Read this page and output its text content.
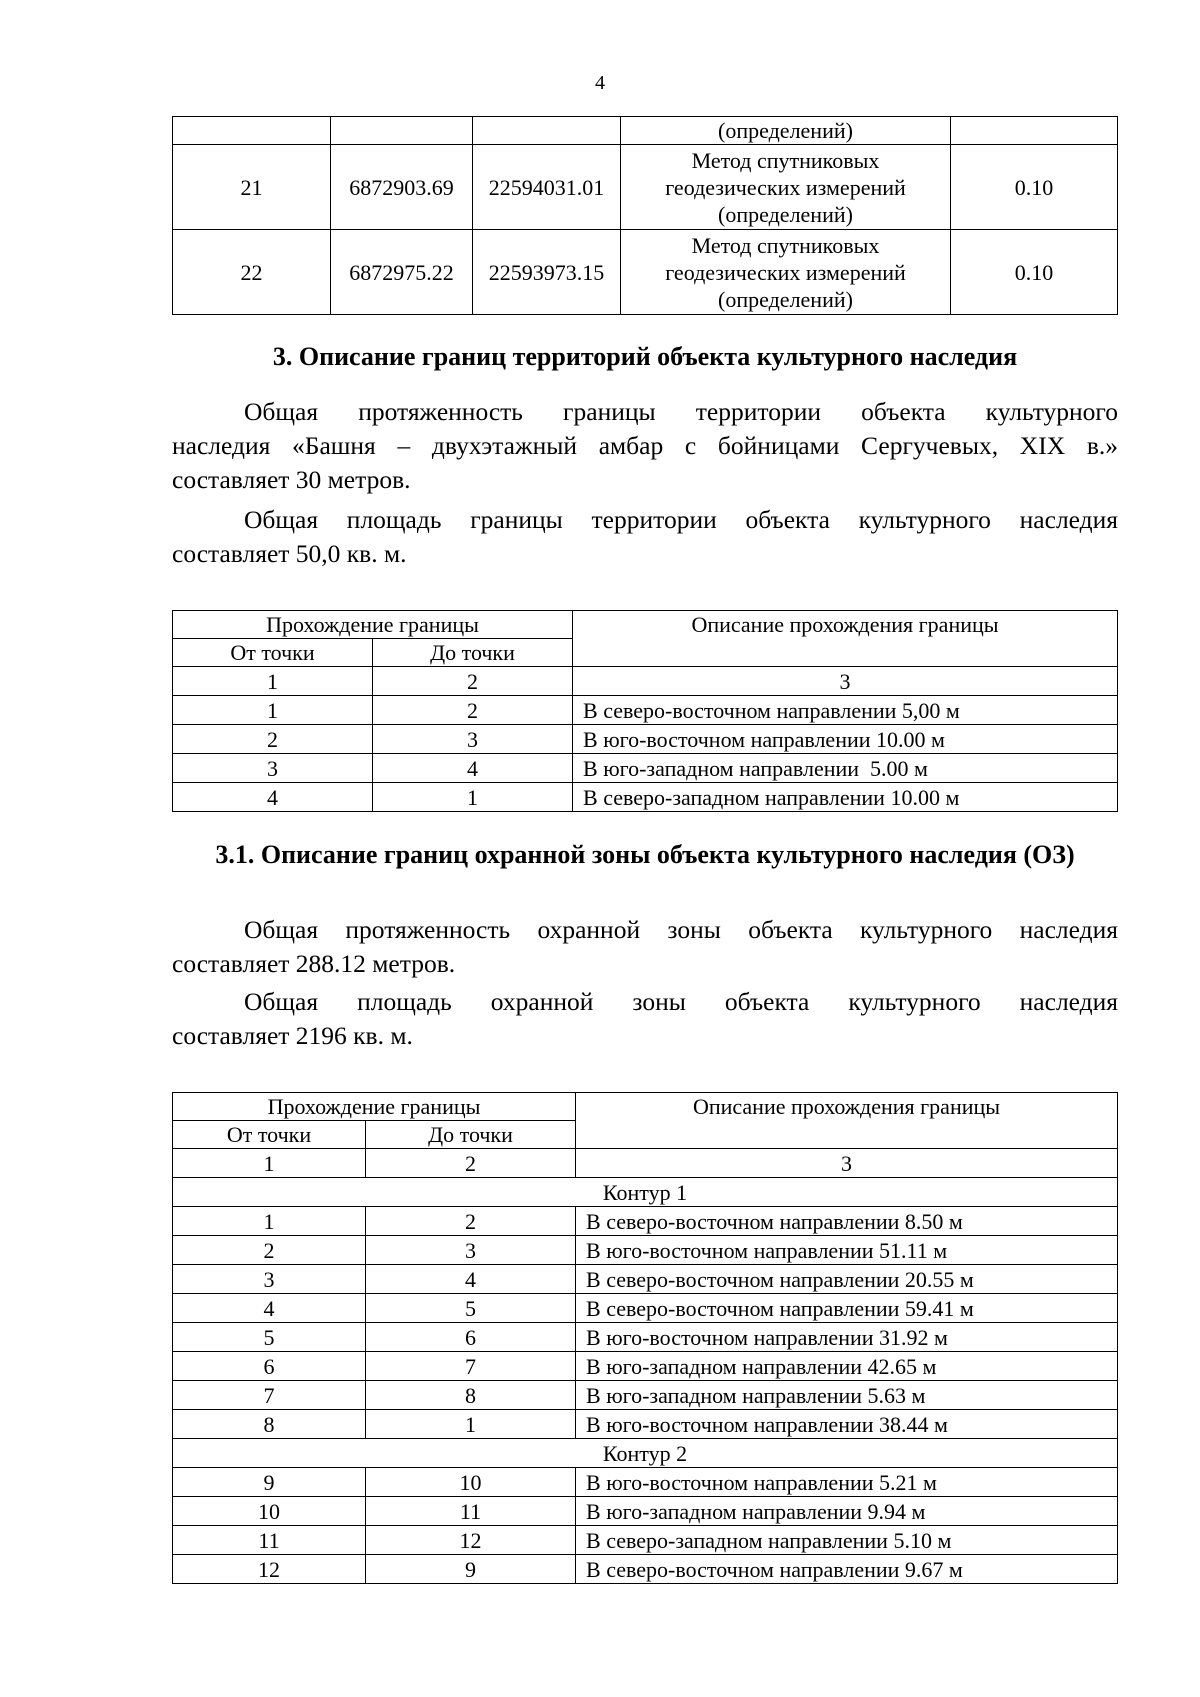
4
			(определений)	
21	6872903.69	22594031.01	Метод спутниковых
геодезических измерений
(определений)	0.10
22	6872975.22	22593973.15	Метод спутниковых
геодезических измерений
(определений)	0.10
3. Описание границ территорий объекта культурного наследия
Общая протяженность границы территории объекта культурного
наследия «Башня – двухэтажный амбар с бойницами Сергучевых, XIX в.»
составляет 30 метров.
Общая площадь границы территории объекта культурного наследия
составляет 50,0 кв. м.
Прохождение границы		Описание прохождения границы
От точки	До точки	
1	2	3
1	2	В северо-восточном направлении 5,00 м
2	3	В юго-восточном направлении 10.00 м
3	4	В юго-западном направлении  5.00 м
4	1	В северо-западном направлении 10.00 м
3.1. Описание границ охранной зоны объекта культурного наследия (ОЗ)
Общая протяженность охранной зоны объекта культурного наследия
составляет 288.12 метров.
Общая площадь охранной зоны объекта культурного наследия
составляет 2196 кв. м.
Прохождение границы		Описание прохождения границы
От точки	До точки	
1	2	3
Контур 1		
1	2	В северо-восточном направлении 8.50 м
2	3	В юго-восточном направлении 51.11 м
3	4	В северо-восточном направлении 20.55 м
4	5	В северо-восточном направлении 59.41 м
5	6	В юго-восточном направлении 31.92 м
6	7	В юго-западном направлении 42.65 м
7	8	В юго-западном направлении 5.63 м
8	1	В юго-восточном направлении 38.44 м
Контур 2		
9	10	В юго-восточном направлении 5.21 м
10	11	В юго-западном направлении 9.94 м
11	12	В северо-западном направлении 5.10 м
12	9	В северо-восточном направлении 9.67 м
